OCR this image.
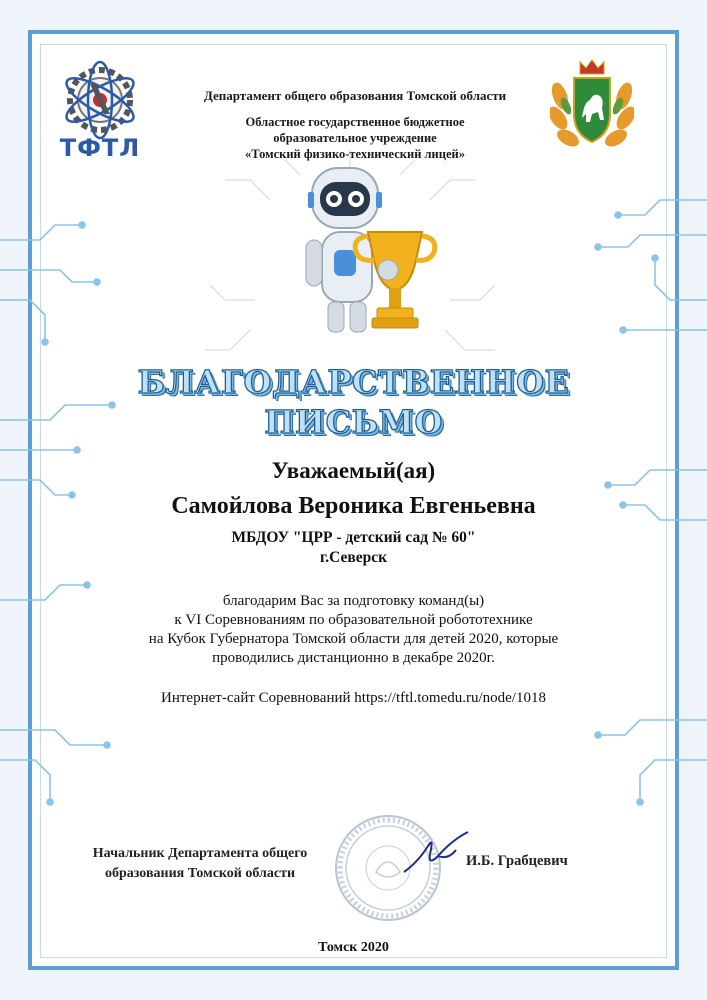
ТФТЛ
Департамент общего образования Томской области
Областное государственное бюджетное
образовательное учреждение
«Томский физико-технический лицей»
БЛАГОДАРСТВЕННОЕ
ПИСЬМО
Уважаемый(ая)
Самойлова Вероника Евгеньевна
МБДОУ "ЦРР - детский сад № 60"
г.Северск
благодарим Вас за подготовку команд(ы)
к VI Соревнованиям по образовательной робототехнике
на Кубок Губернатора Томской области для детей 2020, которые
проводились дистанционно в декабре 2020г.
Интернет-сайт Соревнований https://tftl.tomedu.ru/node/1018
Начальник Департамента общего
образования Томской области
И.Б. Грабцевич
Томск 2020
